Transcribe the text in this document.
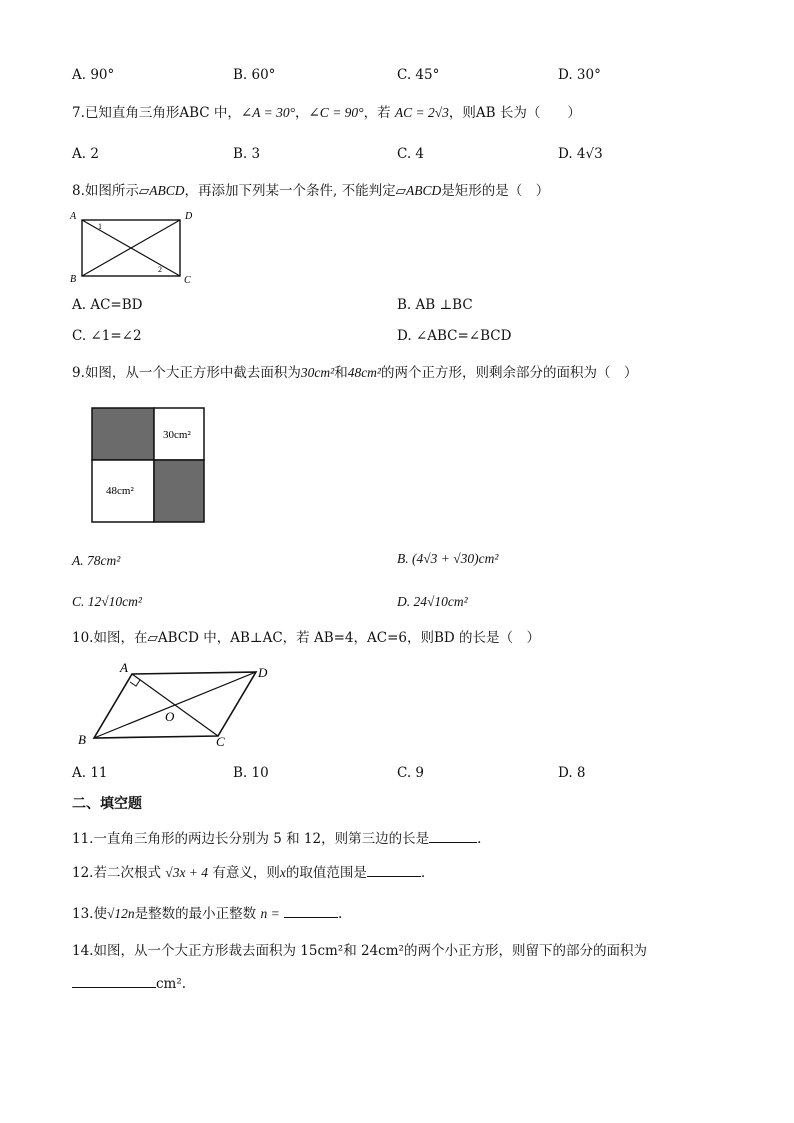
A. 90°	B. 60°	C. 45°	D. 30°
7.已知直角三角形ABC 中，∠A = 30°，∠C = 90°，若 AC = 2√3，则AB 长为（　　）
A. 2	B. 3	C. 4	D. 4√3
8.如图所示▱ABCD，再添加下列某一个条件, 不能判定▱ABCD是矩形的是（　）
A	D
B	C
1
2
A. AC=BD	B. AB ⊥BC
C. ∠1=∠2	D. ∠ABC=∠BCD
9.如图，从一个大正方形中截去面积为30cm²和48cm²的两个正方形，则剩余部分的面积为（　）
30cm²
48cm²
A. 78cm²	B. (4√3 + √30)cm²
C. 12√10cm²	D. 24√10cm²
10.如图，在▱ABCD 中，AB⊥AC，若 AB=4，AC=6，则BD 的长是（　）
A	D
B	C
O
A. 11	B. 10	C. 9	D. 8
二、填空题
11.一直角三角形的两边长分别为 5 和 12，则第三边的长是	.
12.若二次根式 √3x + 4 有意义，则x的取值范围是	.
13.使√12n是整数的最小正整数 n =	.
14.如图，从一个大正方形裁去面积为 15cm²和 24cm²的两个小正方形，则留下的部分的面积为
cm².
